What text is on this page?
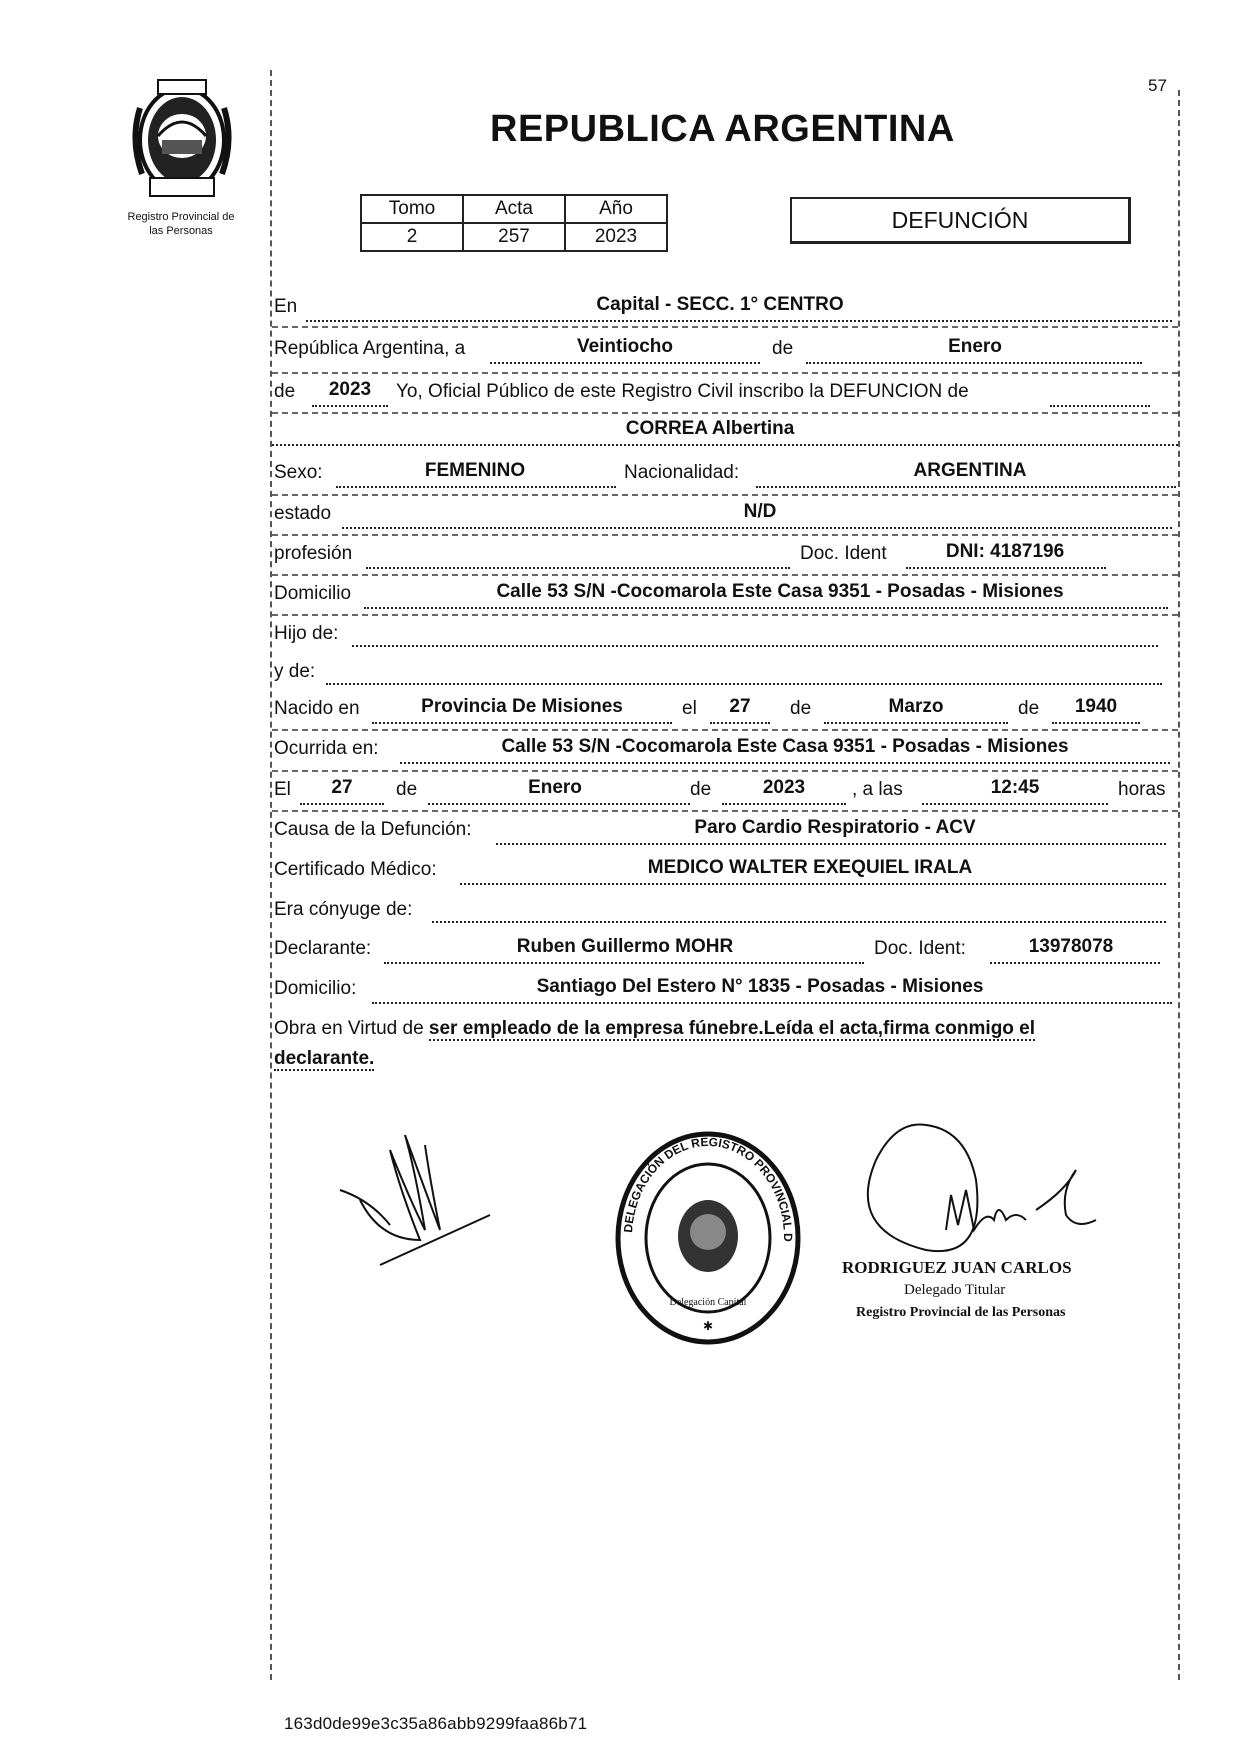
57
Registro Provincial de
las Personas
REPUBLICA ARGENTINA
Tomo	Acta	Año
2	257	2023
DEFUNCIÓN
En	Capital - SECC. 1° CENTRO
República Argentina, a	Veintiocho	de	Enero
de	2023	Yo, Oficial Público de este Registro Civil inscribo la DEFUNCION de
CORREA Albertina
Sexo:	FEMENINO	Nacionalidad:	ARGENTINA
estado	N/D
profesión	Doc. Ident	DNI: 4187196
Domicilio	Calle 53 S/N -Cocomarola Este Casa 9351 - Posadas - Misiones
Hijo de:
y de:
Nacido en	Provincia De Misiones	el	27	de	Marzo	de	1940
Ocurrida en:	Calle 53 S/N -Cocomarola Este Casa 9351 - Posadas - Misiones
El	27	de	Enero	de	2023	, a las	12:45	horas
Causa de la Defunción:	Paro Cardio Respiratorio - ACV
Certificado Médico:	MEDICO WALTER EXEQUIEL IRALA
Era cónyuge de:
Declarante:	Ruben Guillermo MOHR	Doc. Ident:	13978078
Domicilio:	Santiago Del Estero N° 1835 - Posadas - Misiones
Obra en Virtud de ser empleado de la empresa fúnebre.Leída el acta,firma conmigo el
declarante.
DELEGACIÓN DEL REGISTRO PROVINCIAL D
Delegación Capital
✱
RODRIGUEZ JUAN CARLOS
Delegado Titular
Registro Provincial de las Personas
163d0de99e3c35a86abb9299faa86b71
